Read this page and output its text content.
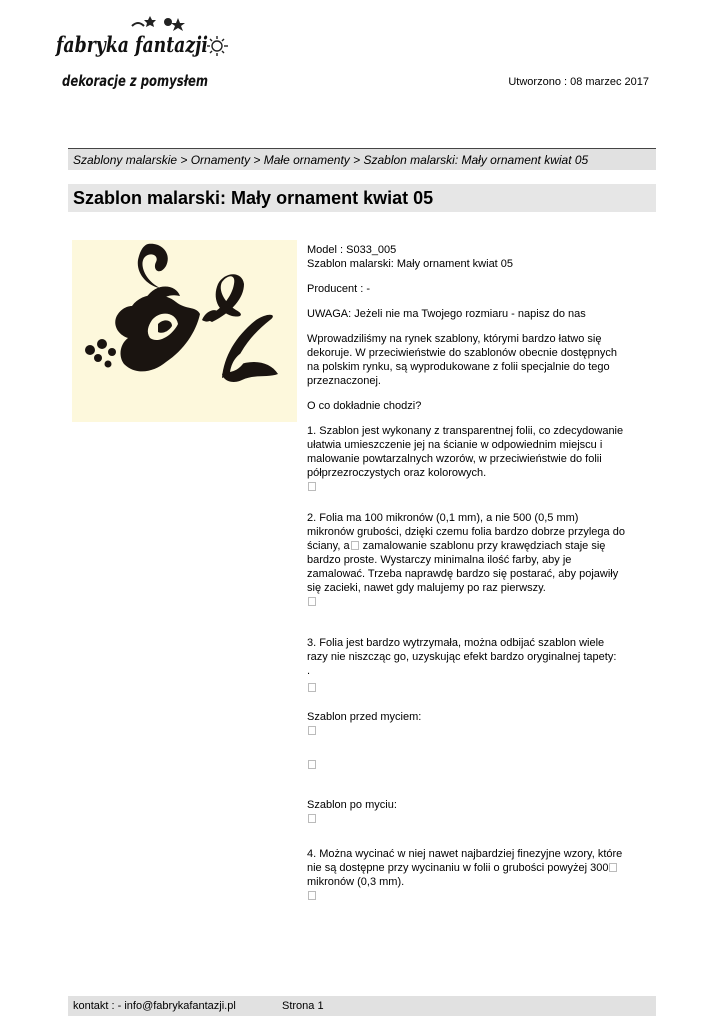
fabryka fantazji
dekoracje z pomysłem	Utworzono : 08 marzec 2017
Szablony malarskie > Ornamenty > Małe ornamenty > Szablon malarski: Mały ornament kwiat 05
Szablon malarski: Mały ornament kwiat 05

Model : S033_005

Szablon malarski: Mały ornament kwiat 05

Producent : -

UWAGA: Jeżeli nie ma Twojego rozmiaru - napisz do nas

Wprowadziliśmy na rynek szablony, którymi bardzo łatwo się dekoruje. W przeciwieństwie do szablonów obecnie dostępnych na polskim rynku, są wyprodukowane z folii specjalnie do tego przeznaczonej.

O co dokładnie chodzi?

1. Szablon jest wykonany z transparentnej folii, co zdecydowanie ułatwia umieszczenie jej na ścianie w odpowiednim miejscu i malowanie powtarzalnych wzorów, w przeciwieństwie do folii półprzezroczystych oraz kolorowych.

2. Folia ma 100 mikronów (0,1 mm), a nie 500 (0,5 mm) mikronów grubości, dzięki czemu folia bardzo dobrze przylega do ściany, a zamalowanie szablonu przy krawędziach staje się bardzo proste. Wystarczy minimalna ilość farby, aby je zamalować. Trzeba naprawdę bardzo się postarać, aby pojawiły się zacieki, nawet gdy malujemy po raz pierwszy.

3. Folia jest bardzo wytrzymała, można odbijać szablon wiele razy nie niszcząc go, uzyskując efekt bardzo oryginalnej tapety:

.

Szablon przed myciem:

Szablon po myciu:

4. Można wycinać w niej nawet najbardziej finezyjne wzory, które nie są dostępne przy wycinaniu w folii o grubości powyżej 300 mikronów (0,3 mm).

kontakt : - info@fabrykafantazji.pl	Strona 1
